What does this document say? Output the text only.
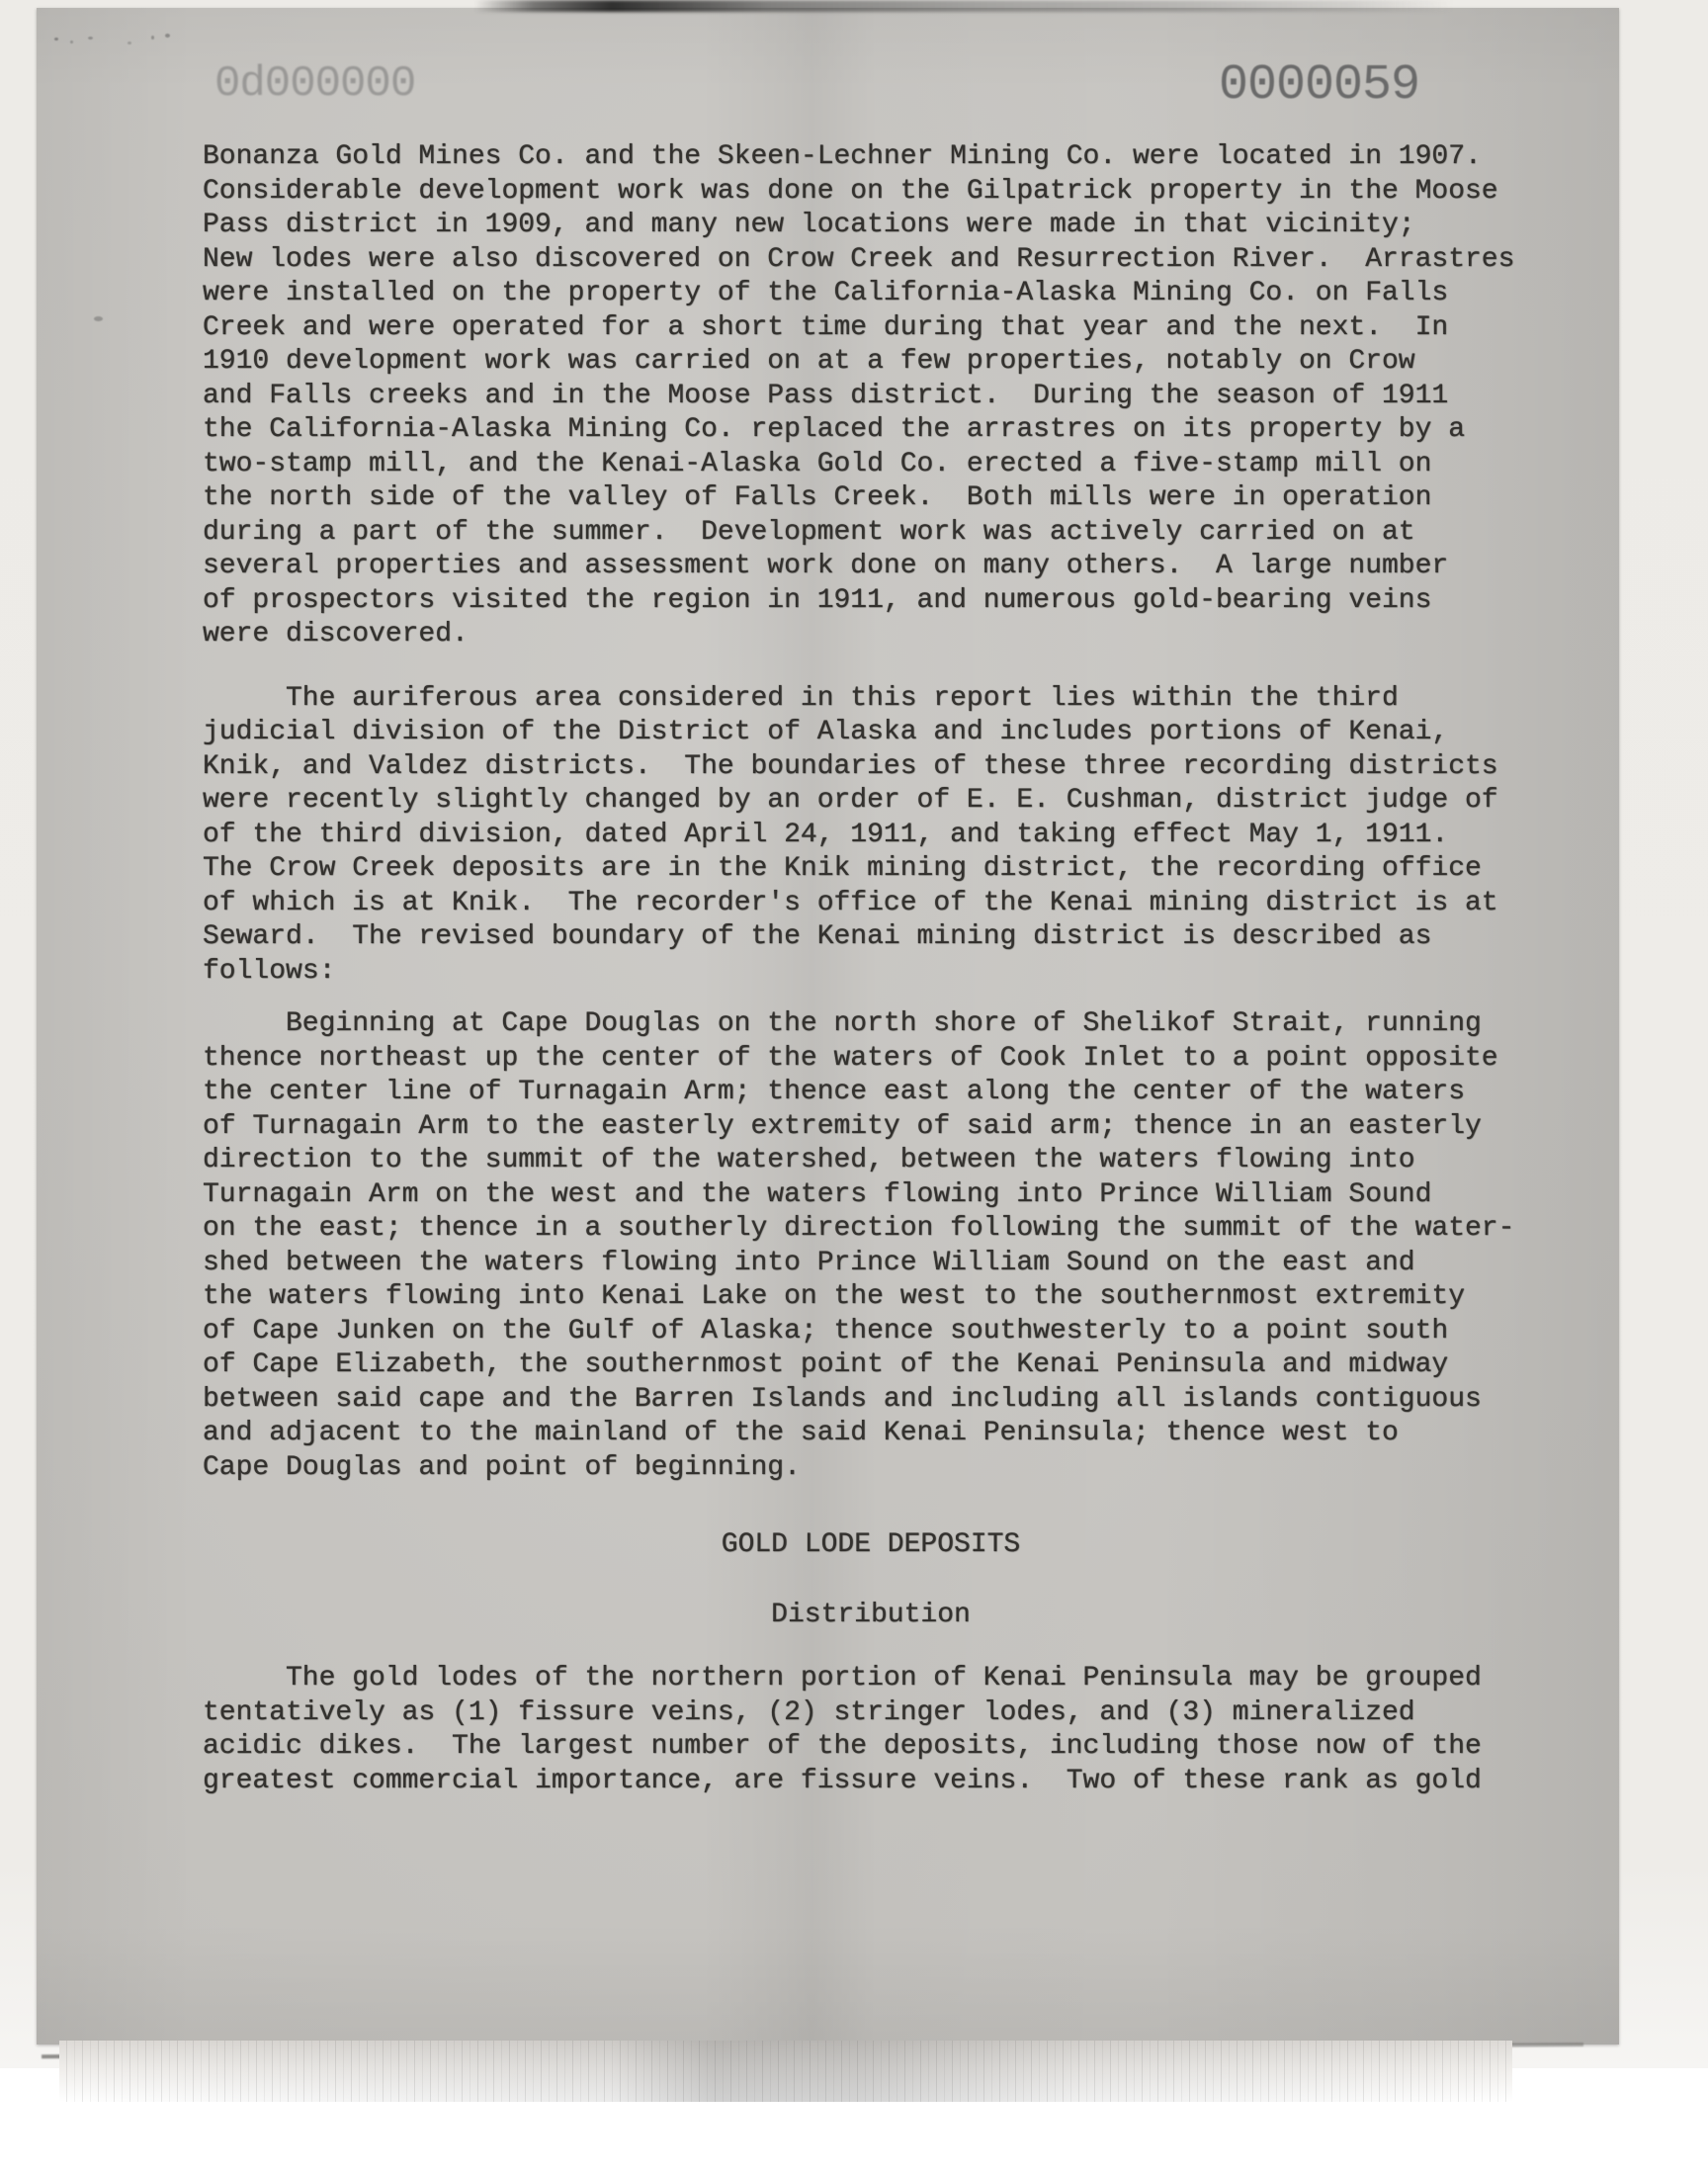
0d000000	0000059
Bonanza Gold Mines Co. and the Skeen-Lechner Mining Co. were located in 1907.
Considerable development work was done on the Gilpatrick property in the Moose
Pass district in 1909, and many new locations were made in that vicinity;
New lodes were also discovered on Crow Creek and Resurrection River.  Arrastres
were installed on the property of the California-Alaska Mining Co. on Falls
Creek and were operated for a short time during that year and the next.  In
1910 development work was carried on at a few properties, notably on Crow
and Falls creeks and in the Moose Pass district.  During the season of 1911
the California-Alaska Mining Co. replaced the arrastres on its property by a
two-stamp mill, and the Kenai-Alaska Gold Co. erected a five-stamp mill on
the north side of the valley of Falls Creek.  Both mills were in operation
during a part of the summer.  Development work was actively carried on at
several properties and assessment work done on many others.  A large number
of prospectors visited the region in 1911, and numerous gold-bearing veins
were discovered.
The auriferous area considered in this report lies within the third
judicial division of the District of Alaska and includes portions of Kenai,
Knik, and Valdez districts.  The boundaries of these three recording districts
were recently slightly changed by an order of E. E. Cushman, district judge of
of the third division, dated April 24, 1911, and taking effect May 1, 1911.
The Crow Creek deposits are in the Knik mining district, the recording office
of which is at Knik.  The recorder's office of the Kenai mining district is at
Seward.  The revised boundary of the Kenai mining district is described as
follows:
Beginning at Cape Douglas on the north shore of Shelikof Strait, running
thence northeast up the center of the waters of Cook Inlet to a point opposite
the center line of Turnagain Arm; thence east along the center of the waters
of Turnagain Arm to the easterly extremity of said arm; thence in an easterly
direction to the summit of the watershed, between the waters flowing into
Turnagain Arm on the west and the waters flowing into Prince William Sound
on the east; thence in a southerly direction following the summit of the water-
shed between the waters flowing into Prince William Sound on the east and
the waters flowing into Kenai Lake on the west to the southernmost extremity
of Cape Junken on the Gulf of Alaska; thence southwesterly to a point south
of Cape Elizabeth, the southernmost point of the Kenai Peninsula and midway
between said cape and the Barren Islands and including all islands contiguous
and adjacent to the mainland of the said Kenai Peninsula; thence west to
Cape Douglas and point of beginning.
GOLD LODE DEPOSITS
Distribution
The gold lodes of the northern portion of Kenai Peninsula may be grouped
tentatively as (1) fissure veins, (2) stringer lodes, and (3) mineralized
acidic dikes.  The largest number of the deposits, including those now of the
greatest commercial importance, are fissure veins.  Two of these rank as gold
